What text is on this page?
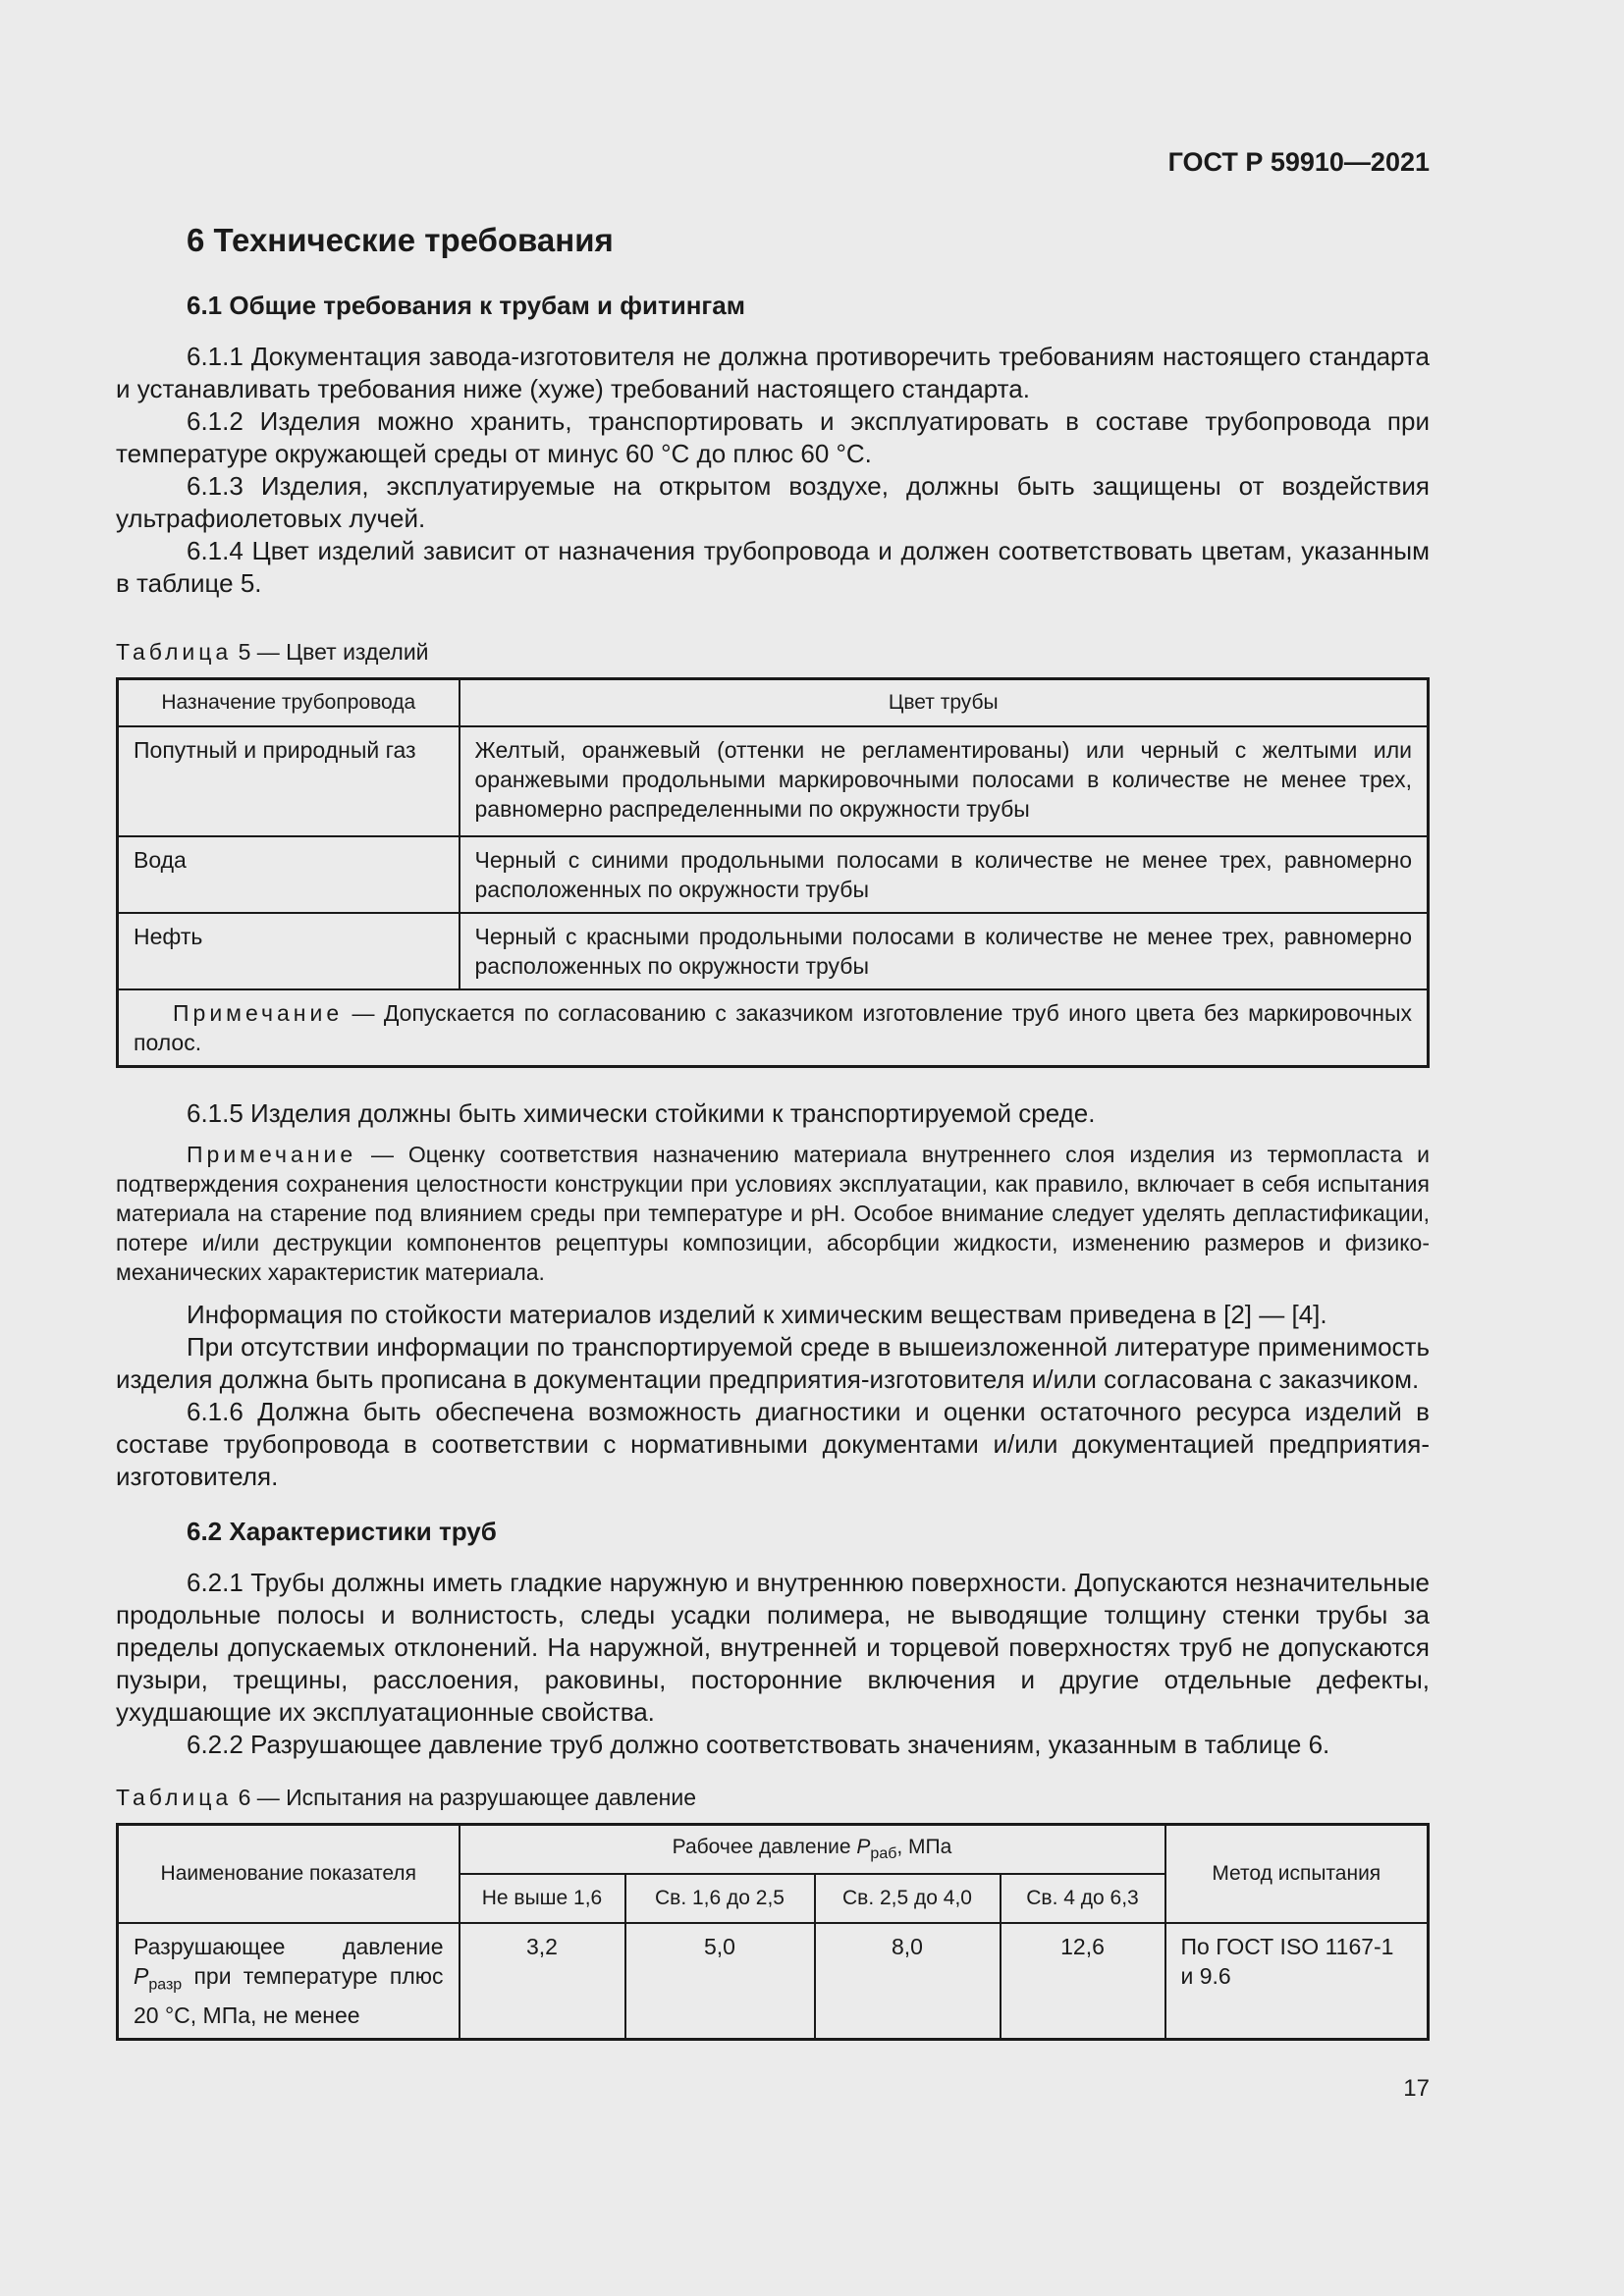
ГОСТ Р 59910—2021
6 Технические требования
6.1 Общие требования к трубам и фитингам

6.1.1 Документация завода-изготовителя не должна противоречить требованиям настоящего стандарта и устанавливать требования ниже (хуже) требований настоящего стандарта.

6.1.2 Изделия можно хранить, транспортировать и эксплуатировать в составе трубопровода при температуре окружающей среды от минус 60 °С до плюс 60 °С.

6.1.3 Изделия, эксплуатируемые на открытом воздухе, должны быть защищены от воздействия ультрафиолетовых лучей.

6.1.4 Цвет изделий зависит от назначения трубопровода и должен соответствовать цветам, указанным в таблице 5.

Таблица 5 — Цвет изделий
Назначение трубопровода	Цвет трубы
Попутный и природный газ	Желтый, оранжевый (оттенки не регламентированы) или черный с желтыми или оранжевыми продольными маркировочными полосами в количестве не менее трех, равномерно распределенными по окружности трубы
Вода	Черный с синими продольными полосами в количестве не менее трех, равномерно расположенных по окружности трубы
Нефть	Черный с красными продольными полосами в количестве не менее трех, равномерно расположенных по окружности трубы
Примечание — Допускается по согласованию с заказчиком изготовление труб иного цвета без маркировочных полос.	

6.1.5 Изделия должны быть химически стойкими к транспортируемой среде.

Примечание — Оценку соответствия назначению материала внутреннего слоя изделия из термопласта и подтверждения сохранения целостности конструкции при условиях эксплуатации, как правило, включает в себя испытания материала на старение под влиянием среды при температуре и pH. Особое внимание следует уделять депластификации, потере и/или деструкции компонентов рецептуры композиции, абсорбции жидкости, изменению размеров и физико-механических характеристик материала.

Информация по стойкости материалов изделий к химическим веществам приведена в [2] — [4].

При отсутствии информации по транспортируемой среде в вышеизложенной литературе применимость изделия должна быть прописана в документации предприятия-изготовителя и/или согласована с заказчиком.

6.1.6 Должна быть обеспечена возможность диагностики и оценки остаточного ресурса изделий в составе трубопровода в соответствии с нормативными документами и/или документацией предприятия-изготовителя.

6.2 Характеристики труб

6.2.1 Трубы должны иметь гладкие наружную и внутреннюю поверхности. Допускаются незначительные продольные полосы и волнистость, следы усадки полимера, не выводящие толщину стенки трубы за пределы допускаемых отклонений. На наружной, внутренней и торцевой поверхностях труб не допускаются пузыри, трещины, расслоения, раковины, посторонние включения и другие отдельные дефекты, ухудшающие их эксплуатационные свойства.

6.2.2 Разрушающее давление труб должно соответствовать значениям, указанным в таблице 6.

Таблица 6 — Испытания на разрушающее давление
Наименование показателя	Рабочее давление $P_{раб}$, МПа				Метод испытания
	Не выше 1,6	Св. 1,6 до 2,5	Св. 2,5 до 4,0	Св. 4 до 6,3	
Разрушающее давление $P_{разр}$ при температуре плюс 20 °С, МПа, не менее	3,2	5,0	8,0	12,6	По ГОСТ ISO 1167-1 и 9.6
17
